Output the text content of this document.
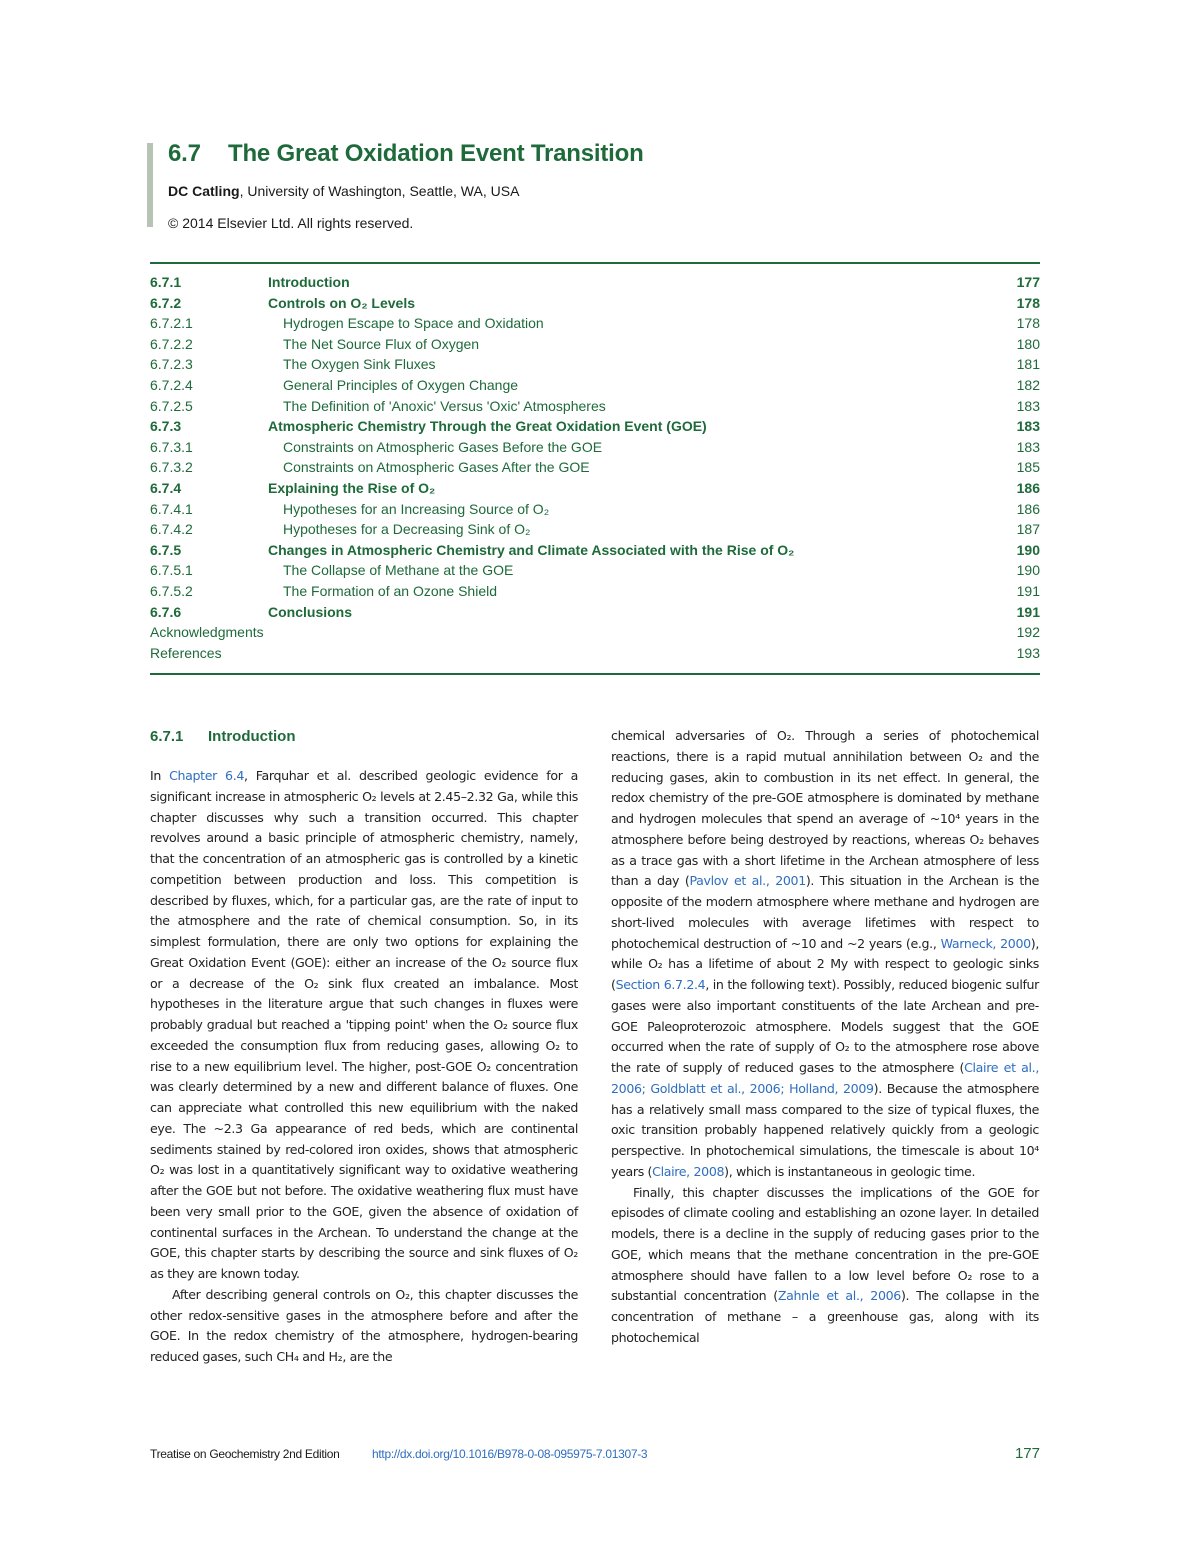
6.7 The Great Oxidation Event Transition
DC Catling, University of Washington, Seattle, WA, USA
© 2014 Elsevier Ltd. All rights reserved.
6.7.1	Introduction	177
6.7.2	Controls on O₂ Levels	178
6.7.2.1	Hydrogen Escape to Space and Oxidation	178
6.7.2.2	The Net Source Flux of Oxygen	180
6.7.2.3	The Oxygen Sink Fluxes	181
6.7.2.4	General Principles of Oxygen Change	182
6.7.2.5	The Definition of 'Anoxic' Versus 'Oxic' Atmospheres	183
6.7.3	Atmospheric Chemistry Through the Great Oxidation Event (GOE)	183
6.7.3.1	Constraints on Atmospheric Gases Before the GOE	183
6.7.3.2	Constraints on Atmospheric Gases After the GOE	185
6.7.4	Explaining the Rise of O₂	186
6.7.4.1	Hypotheses for an Increasing Source of O₂	186
6.7.4.2	Hypotheses for a Decreasing Sink of O₂	187
6.7.5	Changes in Atmospheric Chemistry and Climate Associated with the Rise of O₂	190
6.7.5.1	The Collapse of Methane at the GOE	190
6.7.5.2	The Formation of an Ozone Shield	191
6.7.6	Conclusions	191
Acknowledgments	192
References	193
6.7.1 Introduction

In Chapter 6.4, Farquhar et al. described geologic evidence for a significant increase in atmospheric O₂ levels at 2.45–2.32 Ga, while this chapter discusses why such a transition occurred. This chapter revolves around a basic principle of atmospheric chemistry, namely, that the concentration of an atmospheric gas is controlled by a kinetic competition between production and loss. This competition is described by fluxes, which, for a particular gas, are the rate of input to the atmosphere and the rate of chemical consumption. So, in its simplest formulation, there are only two options for explaining the Great Oxidation Event (GOE): either an increase of the O₂ source flux or a decrease of the O₂ sink flux created an imbalance. Most hypotheses in the literature argue that such changes in fluxes were probably gradual but reached a 'tipping point' when the O₂ source flux exceeded the consumption flux from reducing gases, allowing O₂ to rise to a new equilibrium level. The higher, post-GOE O₂ concentration was clearly determined by a new and different balance of fluxes. One can appreciate what controlled this new equilibrium with the naked eye. The ~2.3 Ga appearance of red beds, which are continental sediments stained by red-colored iron oxides, shows that atmospheric O₂ was lost in a quantitatively significant way to oxidative weathering after the GOE but not before. The oxidative weathering flux must have been very small prior to the GOE, given the absence of oxidation of continental surfaces in the Archean. To understand the change at the GOE, this chapter starts by describing the source and sink fluxes of O₂ as they are known today.

After describing general controls on O₂, this chapter discusses the other redox-sensitive gases in the atmosphere before and after the GOE. In the redox chemistry of the atmosphere, hydrogen-bearing reduced gases, such CH₄ and H₂, are the

chemical adversaries of O₂. Through a series of photochemical reactions, there is a rapid mutual annihilation between O₂ and the reducing gases, akin to combustion in its net effect. In general, the redox chemistry of the pre-GOE atmosphere is dominated by methane and hydrogen molecules that spend an average of ~10⁴ years in the atmosphere before being destroyed by reactions, whereas O₂ behaves as a trace gas with a short lifetime in the Archean atmosphere of less than a day (Pavlov et al., 2001). This situation in the Archean is the opposite of the modern atmosphere where methane and hydrogen are short-lived molecules with average lifetimes with respect to photochemical destruction of ~10 and ~2 years (e.g., Warneck, 2000), while O₂ has a lifetime of about 2 My with respect to geologic sinks (Section 6.7.2.4, in the following text). Possibly, reduced biogenic sulfur gases were also important constituents of the late Archean and pre-GOE Paleoproterozoic atmosphere. Models suggest that the GOE occurred when the rate of supply of O₂ to the atmosphere rose above the rate of supply of reduced gases to the atmosphere (Claire et al., 2006; Goldblatt et al., 2006; Holland, 2009). Because the atmosphere has a relatively small mass compared to the size of typical fluxes, the oxic transition probably happened relatively quickly from a geologic perspective. In photochemical simulations, the timescale is about 10⁴ years (Claire, 2008), which is instantaneous in geologic time.

Finally, this chapter discusses the implications of the GOE for episodes of climate cooling and establishing an ozone layer. In detailed models, there is a decline in the supply of reducing gases prior to the GOE, which means that the methane concentration in the pre-GOE atmosphere should have fallen to a low level before O₂ rose to a substantial concentration (Zahnle et al., 2006). The collapse in the concentration of methane – a greenhouse gas, along with its photochemical

Treatise on Geochemistry 2nd Edition	http://dx.doi.org/10.1016/B978-0-08-095975-7.01307-3	177
